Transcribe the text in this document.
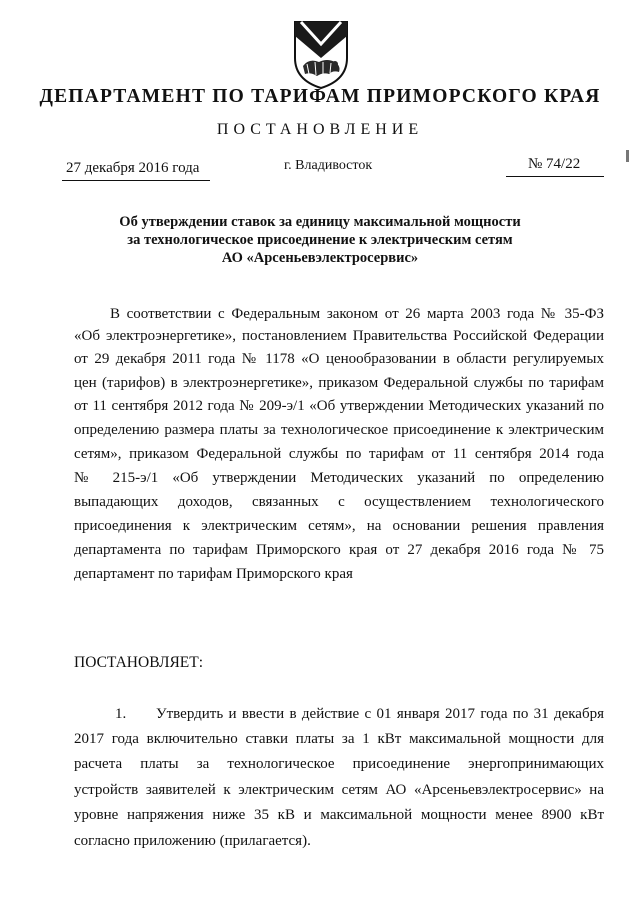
ДЕПАРТАМЕНТ ПО ТАРИФАМ ПРИМОРСКОГО КРАЯ
ПОСТАНОВЛЕНИЕ
27 декабря 2016 года	г. Владивосток	№ 74/22
Об утверждении ставок за единицу максимальной мощности
за технологическое присоединение к электрическим сетям
АО «Арсеньевэлектросервис»
В соответствии с Федеральным законом от 26 марта 2003 года № 35-ФЗ
«Об электроэнергетике», постановлением Правительства Российской Федерации
от 29 декабря 2011 года № 1178 «О ценообразовании в области регулируемых
цен (тарифов) в электроэнергетике», приказом Федеральной службы по тарифам
от 11 сентября 2012 года № 209-э/1 «Об утверждении Методических указаний по
определению размера платы за технологическое присоединение к электрическим
сетям», приказом Федеральной службы по тарифам от 11 сентября 2014 года
№ 215-э/1 «Об утверждении Методических указаний по определению
выпадающих доходов, связанных с осуществлением технологического
присоединения к электрическим сетям», на основании решения правления
департамента по тарифам Приморского края от 27 декабря 2016 года № 75
департамент по тарифам Приморского края
ПОСТАНОВЛЯЕТ:
1. Утвердить и ввести в действие с 01 января 2017 года по 31 декабря
2017 года включительно ставки платы за 1 кВт максимальной мощности для
расчета платы за технологическое присоединение энергопринимающих
устройств заявителей к электрическим сетям АО «Арсеньевэлектросервис» на
уровне напряжения ниже 35 кВ и максимальной мощности менее 8900 кВт
согласно приложению (прилагается).
